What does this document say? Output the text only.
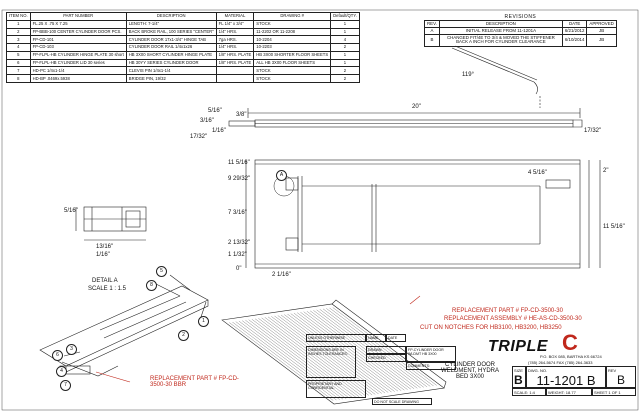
ITEM NO.	PART NUMBER	DESCRIPTION	MATERIAL	DRAWING #	Default/QTY.
1	FL.25 X .75 X 7.25	LENGTH: 7-1/4"	FL 1/4" x 3/4"	STOCK	1
2	FP-BBB-100 CENTER CYLINDER DOOR PCS.	BACK BROKE RAIL, 100 SERIES "CENTER"	1/4" HRS.	11-2202 OR 11-2208	1
3	FP-CD-101	CYLINDER DOOR 17x1-3/4" HINGE TAB	7ga HRS.	10-2204	4
4	FP-CD-103	CYLINDER DOOR RAIL 1/4x1x26	1/4" HRS.	10-2203	2
5	FP-FLPL-HB CYLINDER HINGE PLATE 30 short	HB 3X00 SHORT CYLINDER HINGE PLATE	1/8" HRS. PLATE	HB 3X00 SHORTER FLOOR SHEETS	1
6	FP-FLPL-HB CYLINDER LID 30 series	HB 30YY SERIES CYLINDER DOOR	1/8" HRS. PLATE	ALL HB 3X00 FLOOR SHEETS	1
7	HD-PC 1/4x1-1/4	CLEVIS PIN 1/4x1-1/4		STOCK	2
8	HD-BP .0469x.5938	BRIDGE PIN, 19/32		STOCK	2
REVISIONS			
REV.	DESCRIPTION	DATE	APPROVED
A	INITIAL RELEASE FROM 11-1201A	6/21/2012	JB
B	CHANGED FIT/4E TO 3/4 & MOVED THE STIFFENER BACK A INCH FOR CYLINDER CLEARANCE	6/10/2014	JB
119°
20"
5/16"
3/16"
1/16"
3/8"
17/32"
17/32"
11 5/16"
9 29/32"
7 3/16"
2 13/32"
1 1/32"
0"
2 1/16"
4 5/16"	2"
11 5/16"
5/16"
13/16"
1/16"
DETAIL A
SCALE 1 : 1.5
A
5
8
1
2
3
6
4
7
REPLACEMENT PART # FP-CD-3500-30
REPLACEMENT ASSEMBLY # HE-AS-CD-3500-30
CUT ON NOTCHES FOR HB3100, HB3200, HB3250
REPLACEMENT PART # FP-CD-3500-30 BBR
UNLESS OTHERWISE SPECIFIED:
DIMENSIONS ARE IN INCHES TOLERANCES:
NAME	DATE
DRAWN
CHECKED
FP-CYLINDER DOOR WLDMT HB 3X00
COMMENTS:
PROPRIETARY AND CONFIDENTIAL
DO NOT SCALE DRAWING
TRIPLE C
P.O. BOX 085, BARTHA KS 66724
(785) 264-5674 FAX (785) 264-3633
CYLINDER DOOR WELDMENT, HYDRA BED 3X00
SIZE
B
DWG. NO.
11-1201 B
REV
B
SCALE: 1:4	WEIGHT: 18.77	SHEET 1 OF 1
